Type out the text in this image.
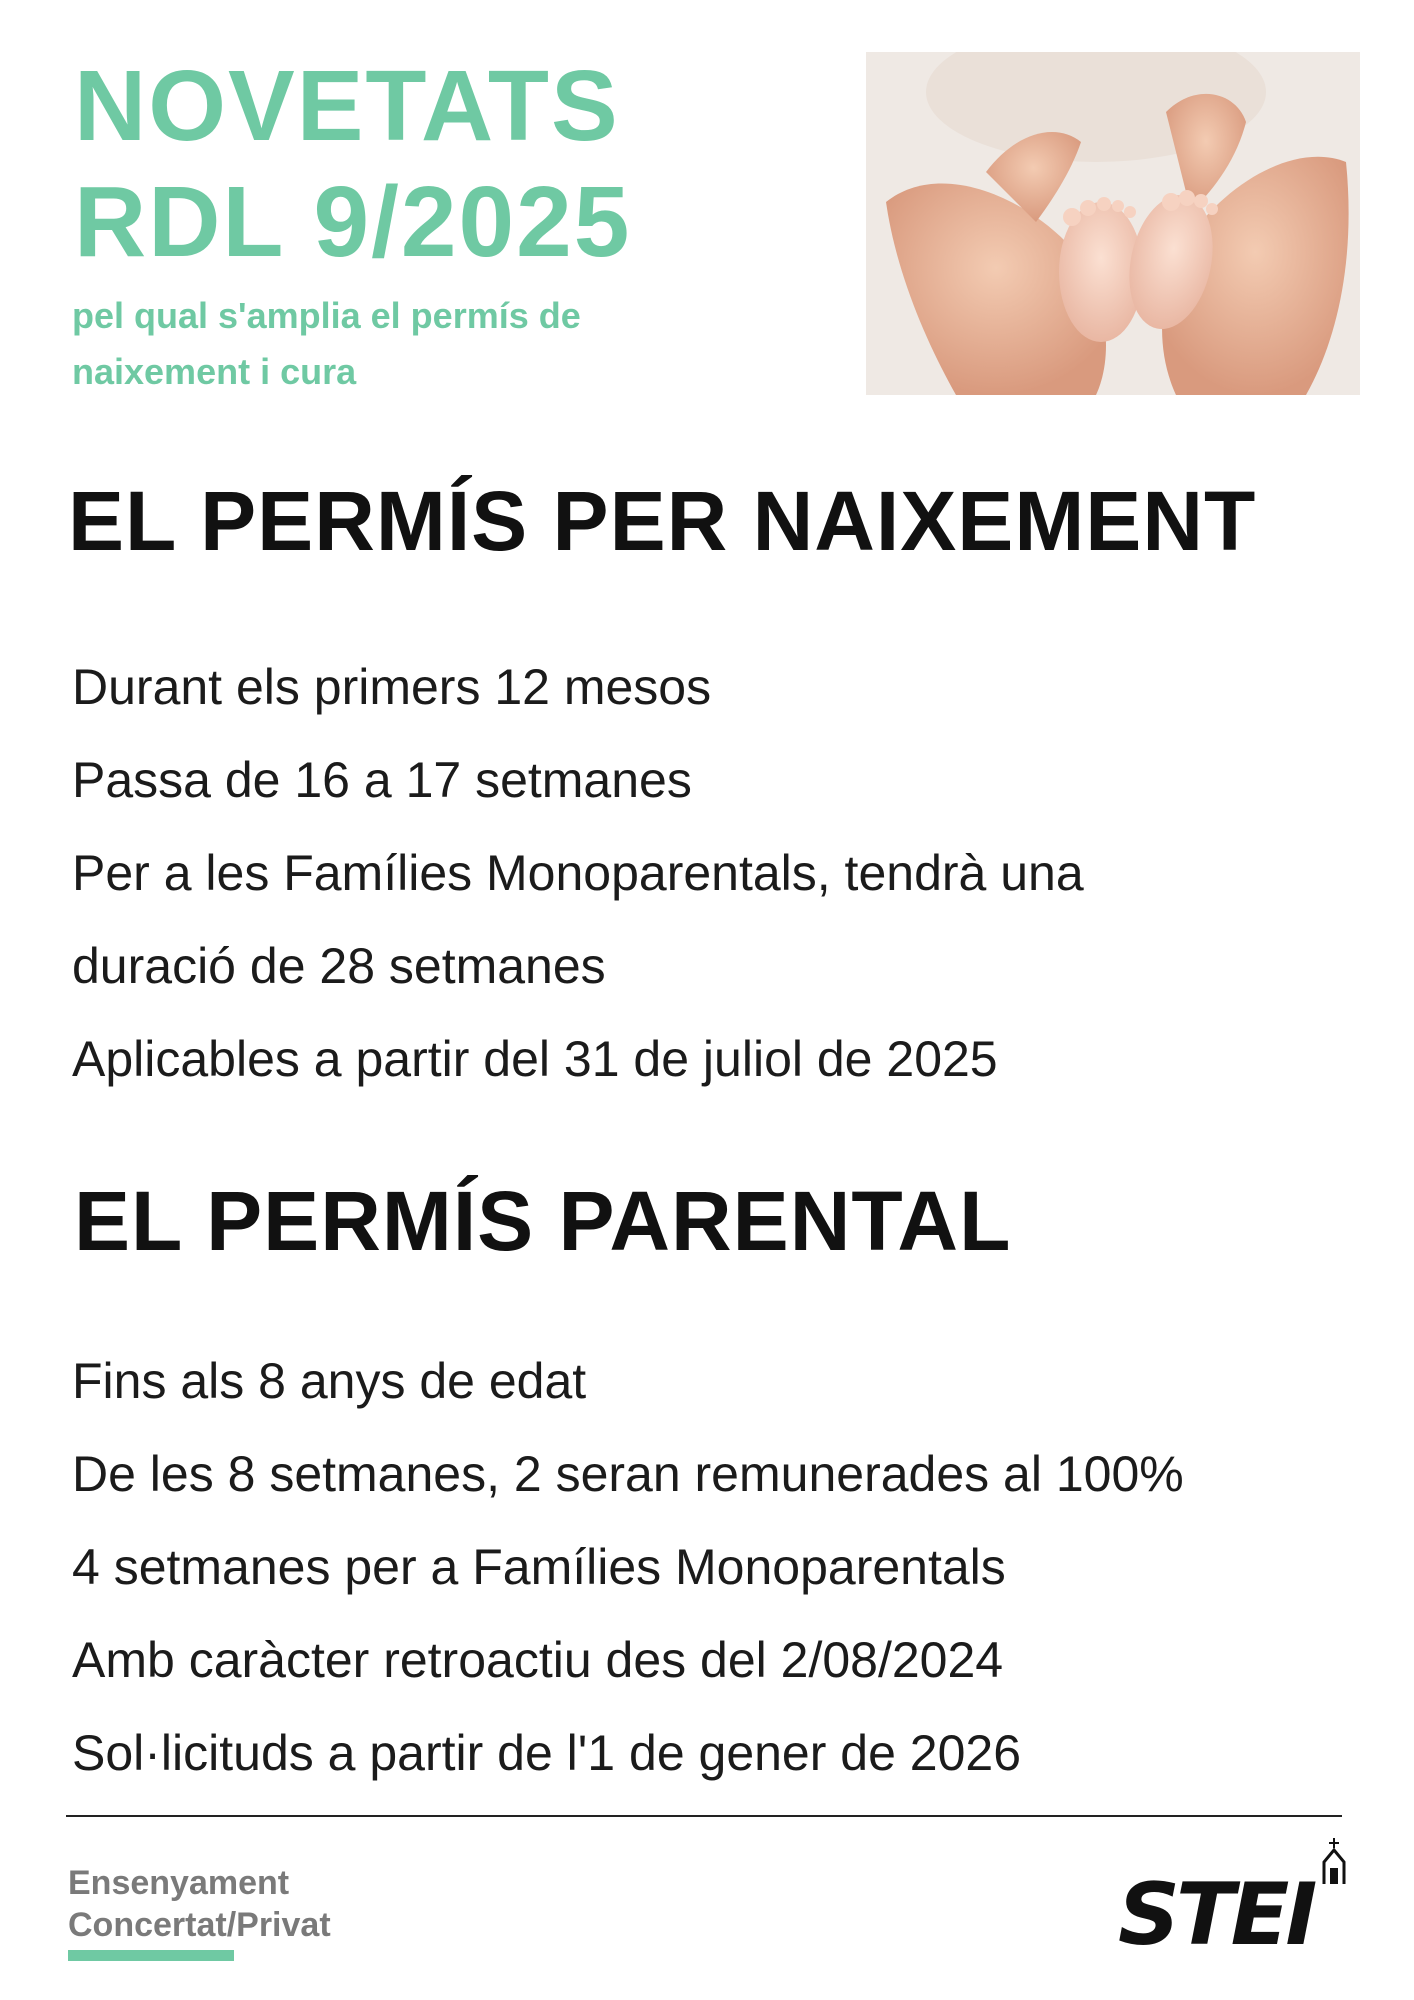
NOVETATS
RDL 9/2025
pel qual s'amplia el permís de naixement i cura
EL PERMÍS PER NAIXEMENT
Durant els primers 12 mesos
Passa de 16 a 17 setmanes
Per a les Famílies Monoparentals, tendrà una
duració de 28 setmanes
Aplicables a partir del 31 de juliol de 2025
EL PERMÍS PARENTAL
Fins als 8 anys de edat
De les 8 setmanes, 2 seran remunerades al 100%
4 setmanes per a Famílies Monoparentals
Amb caràcter retroactiu des del 2/08/2024
Sol·licituds a partir de l'1 de gener de 2026
Ensenyament
Concertat/Privat	STEI
